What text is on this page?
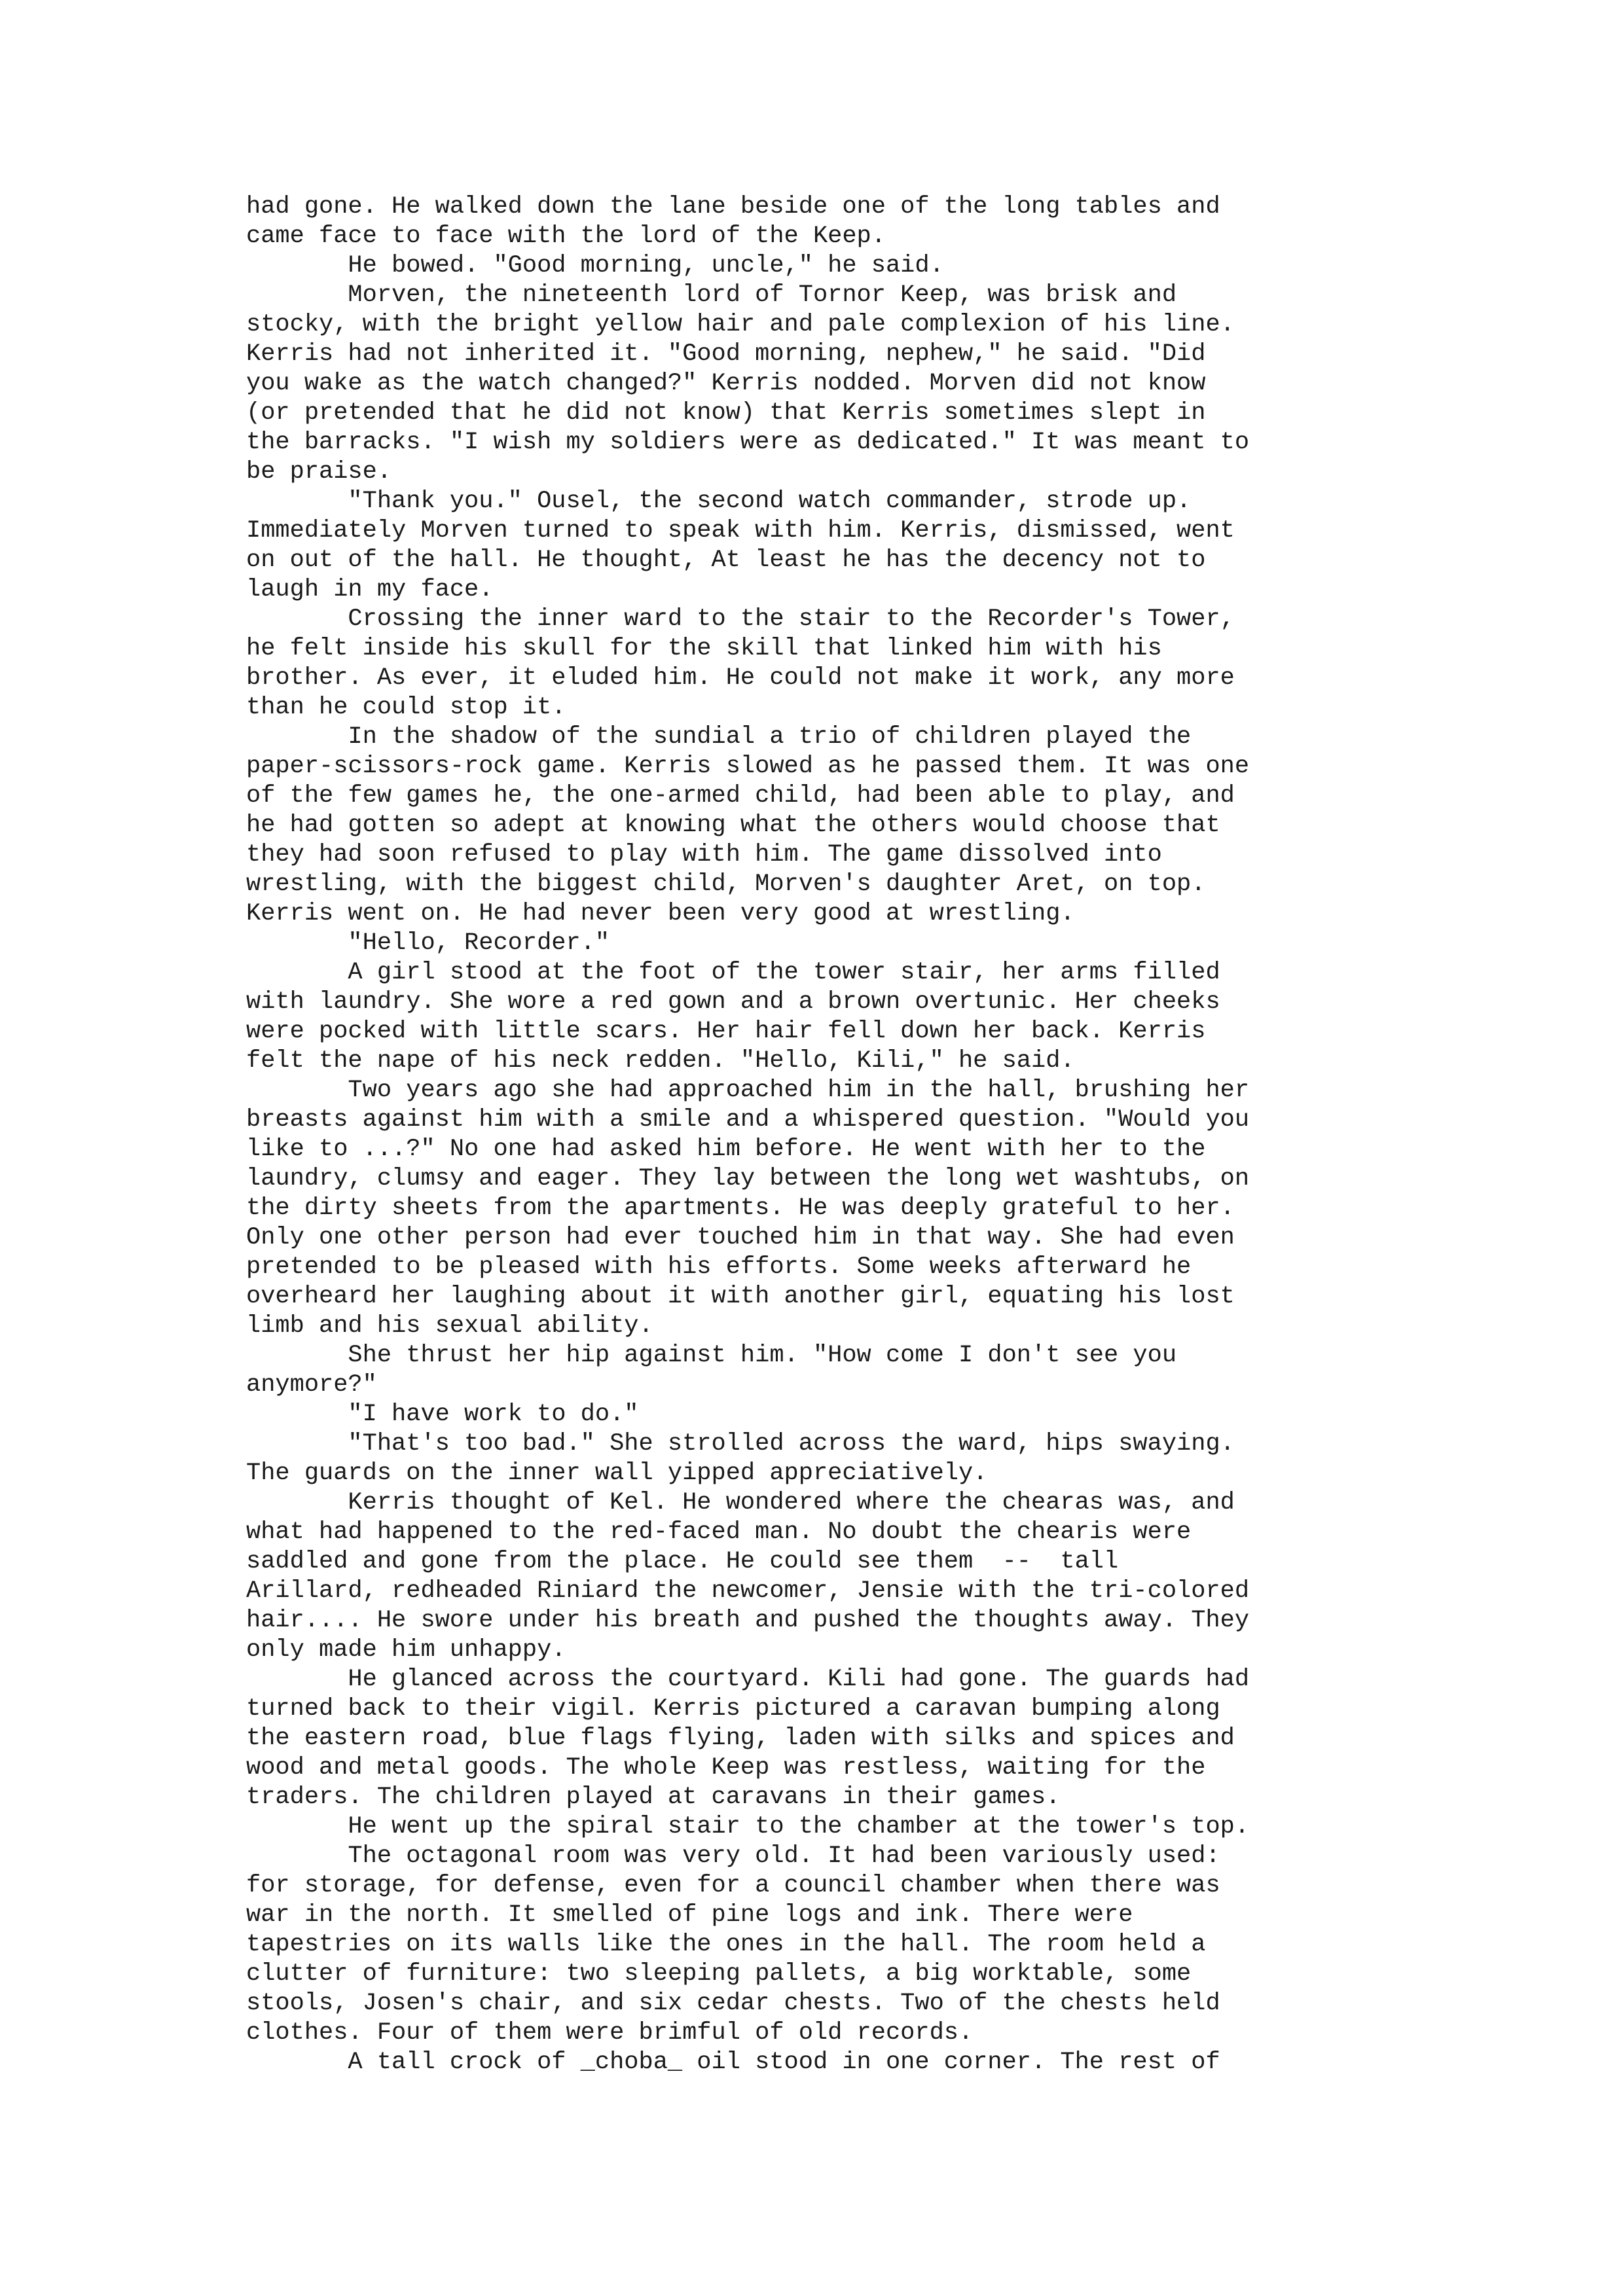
had gone. He walked down the lane beside one of the long tables and
came face to face with the lord of the Keep.
He bowed. "Good morning, uncle," he said.
Morven, the nineteenth lord of Tornor Keep, was brisk and
stocky, with the bright yellow hair and pale complexion of his line.
Kerris had not inherited it. "Good morning, nephew," he said. "Did
you wake as the watch changed?" Kerris nodded. Morven did not know
(or pretended that he did not know) that Kerris sometimes slept in
the barracks. "I wish my soldiers were as dedicated." It was meant to
be praise.
"Thank you." Ousel, the second watch commander, strode up.
Immediately Morven turned to speak with him. Kerris, dismissed, went
on out of the hall. He thought, At least he has the decency not to
laugh in my face.
Crossing the inner ward to the stair to the Recorder's Tower,
he felt inside his skull for the skill that linked him with his
brother. As ever, it eluded him. He could not make it work, any more
than he could stop it.
In the shadow of the sundial a trio of children played the
paper-scissors-rock game. Kerris slowed as he passed them. It was one
of the few games he, the one-armed child, had been able to play, and
he had gotten so adept at knowing what the others would choose that
they had soon refused to play with him. The game dissolved into
wrestling, with the biggest child, Morven's daughter Aret, on top.
Kerris went on. He had never been very good at wrestling.
"Hello, Recorder."
A girl stood at the foot of the tower stair, her arms filled
with laundry. She wore a red gown and a brown overtunic. Her cheeks
were pocked with little scars. Her hair fell down her back. Kerris
felt the nape of his neck redden. "Hello, Kili," he said.
Two years ago she had approached him in the hall, brushing her
breasts against him with a smile and a whispered question. "Would you
like to ...?" No one had asked him before. He went with her to the
laundry, clumsy and eager. They lay between the long wet washtubs, on
the dirty sheets from the apartments. He was deeply grateful to her.
Only one other person had ever touched him in that way. She had even
pretended to be pleased with his efforts. Some weeks afterward he
overheard her laughing about it with another girl, equating his lost
limb and his sexual ability.
She thrust her hip against him. "How come I don't see you
anymore?"
"I have work to do."
"That's too bad." She strolled across the ward, hips swaying.
The guards on the inner wall yipped appreciatively.
Kerris thought of Kel. He wondered where the chearas was, and
what had happened to the red-faced man. No doubt the chearis were
saddled and gone from the place. He could see them  --  tall
Arillard, redheaded Riniard the newcomer, Jensie with the tri-colored
hair.... He swore under his breath and pushed the thoughts away. They
only made him unhappy.
He glanced across the courtyard. Kili had gone. The guards had
turned back to their vigil. Kerris pictured a caravan bumping along
the eastern road, blue flags flying, laden with silks and spices and
wood and metal goods. The whole Keep was restless, waiting for the
traders. The children played at caravans in their games.
He went up the spiral stair to the chamber at the tower's top.
The octagonal room was very old. It had been variously used:
for storage, for defense, even for a council chamber when there was
war in the north. It smelled of pine logs and ink. There were
tapestries on its walls like the ones in the hall. The room held a
clutter of furniture: two sleeping pallets, a big worktable, some
stools, Josen's chair, and six cedar chests. Two of the chests held
clothes. Four of them were brimful of old records.
A tall crock of _choba_ oil stood in one corner. The rest of
